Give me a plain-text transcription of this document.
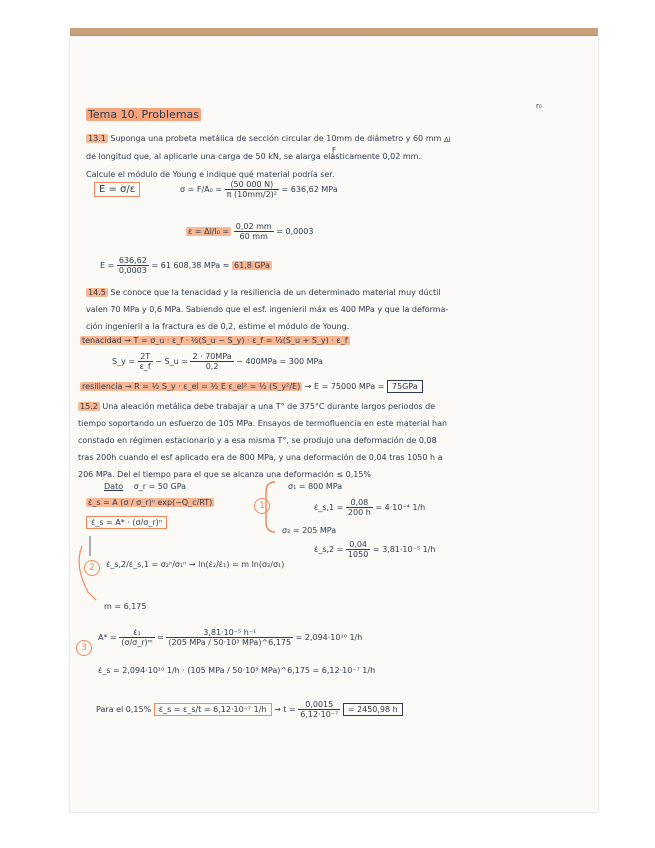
Tema 10. Problemas
13.1 Suponga una probeta metálica de sección circular de 10mm de diámetro y 60 mm
de longitud que, al aplicarle una carga de 50 kN, se alarga elásticamente 0,02 mm.
Calcule el módulo de Young e indique qué material podría ser.
r₀
F
Δl
E = σ/ε	$\sigma = F/A_0 = \frac{(50 000 N)}{\text{π (10mm/2)²}} = 636,62$ MPa
$\varepsilon = \Delta l/l_0 = \frac{0,02 mm}{60 mm} = 0,0003$
$E = \frac{636,62}{0,0003} = 61$ 608,38 MPa ≈ 61,8 GPa
14.5 Se conoce que la tenacidad y la resiliencia de un determinado material muy dúctil
valen 70 MPa y 0,6 MPa. Sabiendo que el esf. ingenieril máx es 400 MPa y que la deforma-
ción ingenieril a la fractura es de 0,2, estime el módulo de Young.
tenacidad → T = σ_u · ε_f · ½(S_u − S_y) · ε_f = ½(S_u + S_y) · ε_f
S_y = $\frac{2T}{\varepsilon\_f}$ − S_u = $\frac{\text{2 · 70MPa}}{0,2} - 400MPa = 300$ MPa
resiliencia → R = ½ S_y · ε_el = ½ E ε_el² = ½ (S_y²/E) → E = 75000 MPa = 75GPa
15.2 Una aleación metálica debe trabajar a una T° de 375°C durante largos periodos de
tiempo soportando un esfuerzo de 105 MPa. Ensayos de termofluencia en este material han
constado en régimen estacionario y a esa misma T°, se produjo una deformación de 0,08
tras 200h cuando el esf aplicado era de 800 MPa, y una deformación de 0,04 tras 1050 h a
206 MPa. Del el tiempo para el que se alcanza una deformación ≤ 0,15%
Dato σ_r = 50 GPa
ε̇_s = A (σ / σ_r)ⁿ exp(−Q_c/RT)
ε̇_s = A* · (σ/σ_r)ⁿ
1
σ₁ = 800 MPa
ε̇_s,1 = $\frac{0,08}{200 h} = 4\cdot 10^{-4}$ 1/h
σ₂ = 205 MPa
ε̇_s,2 = $\frac{0,04}{1050} = 3,81\cdot 10^{-5}$ 1/h
2	ε̇_s,2/ε̇_s,1 = σ₂ⁿ/σ₁ⁿ → ln(ε̇₂/ε̇₁) = m ln(σ₂/σ₁)
m = 6,175
3
$A* = \frac{\text{ε̇₁}}{\text{(σ/σ\_r)ᵐ}} = \frac{\text{3,81·10⁻⁵ h⁻¹}}{\text{(205 MPa / 50·10³ MPa)\textasciicircum{}6,175}} = 2,094\cdot 10^{10}$ 1/h
ε̇_s = 2,094·10¹⁰ 1/h · (105 MPa / 50·10³ MPa)^6,175 = 6,12·10⁻⁷ 1/h
Para el 0,15% ε̇_s = ε_s/t = 6,12·10⁻⁷ $1/h \to t = \frac{0,0015}{\text{6,12·10⁻⁷}} = 2450,98$ h
